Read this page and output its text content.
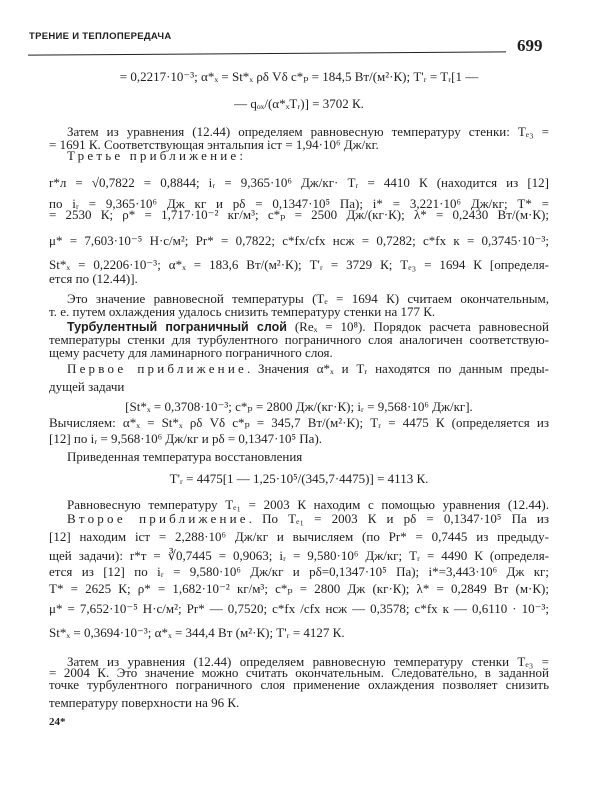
ТРЕНИЕ И ТЕПЛОПЕРЕДАЧА	699
= 0,2217·10⁻³; α*ₓ = St*ₓ ρδ Vδ c*ₚ = 184,5 Вт/(м²·К); T'ᵣ = Tᵣ[1 —
— qₒₓ/(α*ₓTᵣ)] = 3702 К.
Затем из уравнения (12.44) определяем равновесную температуру стенки: Tₑ₃ =
= 1691 К. Соответствующая энтальпия iст = 1,94·10⁶ Дж/кг.
Третье приближение:
r*л = √0,7822 = 0,8844; iᵣ = 9,365·10⁶ Дж/кг· Tᵣ = 4410 К (находится из [12]
по iᵣ = 9,365·10⁶ Дж кг и pδ = 0,1347·10⁵ Па); i* = 3,221·10⁶ Дж/кг; T* =
= 2530 К; ρ* = 1,717·10⁻² кг/м³; c*ₚ = 2500 Дж/(кг·К); λ* = 0,2430 Вт/(м·К);
μ* = 7,603·10⁻⁵ Н·с/м²; Pr* = 0,7822; c*fx/cfx нсж = 0,7282; c*fx к = 0,3745·10⁻³;
St*ₓ = 0,2206·10⁻³; α*ₓ = 183,6 Вт/(м²·К); T'ᵣ = 3729 К; Tₑ₃ = 1694 К [определя-
ется по (12.44)].
Это значение равновесной температуры (Tₑ = 1694 К) считаем окончательным,
т. е. путем охлаждения удалось снизить температуру стенки на 177 К.
Турбулентный пограничный слой (Reₓ = 10⁸). Порядок расчета равновесной
температуры стенки для турбулентного пограничного слоя аналогичен соответствую-
щему расчету для ламинарного пограничного слоя.
Первое приближение. Значения α*ₓ и Tᵣ находятся по данным преды-
дущей задачи
[St*ₓ = 0,3708·10⁻³; c*ₚ = 2800 Дж/(кг·К); iᵣ = 9,568·10⁶ Дж/кг].
Вычисляем: α*ₓ = St*ₓ ρδ Vδ c*ₚ = 345,7 Вт/(м²·К); Tᵣ = 4475 К (определяется из
[12] по iᵣ = 9,568·10⁶ Дж/кг и pδ = 0,1347·10⁵ Па).
Приведенная температура восстановления
T'ᵣ = 4475[1 — 1,25·10⁵/(345,7·4475)] = 4113 К.
Равновесную температуру Tₑ₁ = 2003 К находим с помощью уравнения (12.44).
Второе приближение. По Tₑ₁ = 2003 К и pδ = 0,1347·10⁵ Па из
[12] находим iст = 2,288·10⁶ Дж/кг и вычисляем (по Pr* = 0,7445 из предыду-
щей задачи): r*т = ∛0,7445 = 0,9063; iᵣ = 9,580·10⁶ Дж/кг; Tᵣ = 4490 К (определя-
ется из [12] по iᵣ = 9,580·10⁶ Дж/кг и pδ=0,1347·10⁵ Па); i*=3,443·10⁶ Дж кг;
T* = 2625 К; ρ* = 1,682·10⁻² кг/м³; c*ₚ = 2800 Дж (кг·К); λ* = 0,2849 Вт (м·К);
μ* = 7,652·10⁻⁵ Н·с/м²; Pr* — 0,7520; c*fx /cfx нсж — 0,3578; c*fx к — 0,6110 · 10⁻³;
St*ₓ = 0,3694·10⁻³; α*ₓ = 344,4 Вт (м²·К); T'ᵣ = 4127 К.
Затем из уравнения (12.44) определяем равновесную температуру стенки Tₑ₃ =
= 2004 К. Это значение можно считать окончательным. Следовательно, в заданной
точке турбулентного пограничного слоя применение охлаждения позволяет снизить
температуру поверхности на 96 К.
24*
